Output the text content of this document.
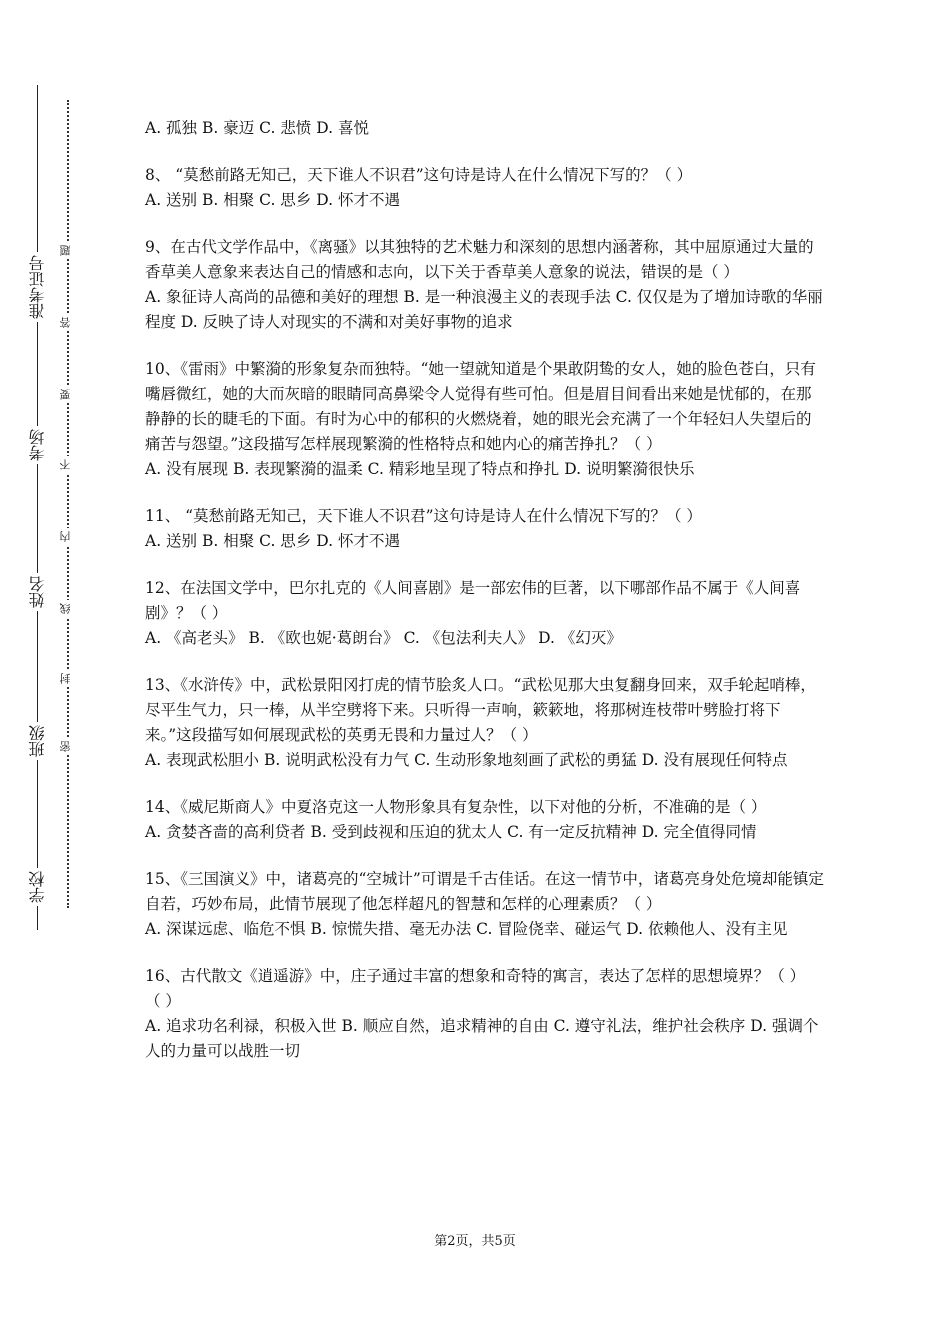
学校
班级
姓名
考场
准考证号
密
封
线
内
不
要
答
题

A. 孤独 B. 豪迈 C. 悲愤 D. 喜悦

8、 “莫愁前路无知己，天下谁人不识君”这句诗是诗人在什么情况下写的？（ ）

A. 送别 B. 相聚 C. 思乡 D. 怀才不遇

9、在古代文学作品中，《离骚》以其独特的艺术魅力和深刻的思想内涵著称，其中屈原通过大量的香草美人意象来表达自己的情感和志向，以下关于香草美人意象的说法，错误的是（ ）

A. 象征诗人高尚的品德和美好的理想 B. 是一种浪漫主义的表现手法 C. 仅仅是为了增加诗歌的华丽程度 D. 反映了诗人对现实的不满和对美好事物的追求

10、《雷雨》中繁漪的形象复杂而独特。“她一望就知道是个果敢阴鸷的女人，她的脸色苍白，只有嘴唇微红，她的大而灰暗的眼睛同高鼻梁令人觉得有些可怕。但是眉目间看出来她是忧郁的，在那静静的长的睫毛的下面。有时为心中的郁积的火燃烧着，她的眼光会充满了一个年轻妇人失望后的痛苦与怨望。”这段描写怎样展现繁漪的性格特点和她内心的痛苦挣扎？（ ）

A. 没有展现 B. 表现繁漪的温柔 C. 精彩地呈现了特点和挣扎 D. 说明繁漪很快乐

11、 “莫愁前路无知己，天下谁人不识君”这句诗是诗人在什么情况下写的？（ ）

A. 送别 B. 相聚 C. 思乡 D. 怀才不遇

12、在法国文学中，巴尔扎克的《人间喜剧》是一部宏伟的巨著，以下哪部作品不属于《人间喜剧》？（ ）

A. 《高老头》 B. 《欧也妮·葛朗台》 C. 《包法利夫人》 D. 《幻灭》

13、《水浒传》中，武松景阳冈打虎的情节脍炙人口。“武松见那大虫复翻身回来，双手轮起哨棒，尽平生气力，只一棒，从半空劈将下来。只听得一声响，簌簌地，将那树连枝带叶劈脸打将下来。”这段描写如何展现武松的英勇无畏和力量过人？（ ）

A. 表现武松胆小 B. 说明武松没有力气 C. 生动形象地刻画了武松的勇猛 D. 没有展现任何特点

14、《威尼斯商人》中夏洛克这一人物形象具有复杂性，以下对他的分析，不准确的是（ ）

A. 贪婪吝啬的高利贷者 B. 受到歧视和压迫的犹太人 C. 有一定反抗精神 D. 完全值得同情

15、《三国演义》中，诸葛亮的“空城计”可谓是千古佳话。在这一情节中，诸葛亮身处危境却能镇定自若，巧妙布局，此情节展现了他怎样超凡的智慧和怎样的心理素质？（ ）

A. 深谋远虑、临危不惧 B. 惊慌失措、毫无办法 C. 冒险侥幸、碰运气 D. 依赖他人、没有主见

16、古代散文《逍遥游》中，庄子通过丰富的想象和奇特的寓言，表达了怎样的思想境界？（ ） （ ）

A. 追求功名利禄，积极入世 B. 顺应自然，追求精神的自由 C. 遵守礼法，维护社会秩序 D. 强调个人的力量可以战胜一切

第2页，共5页
